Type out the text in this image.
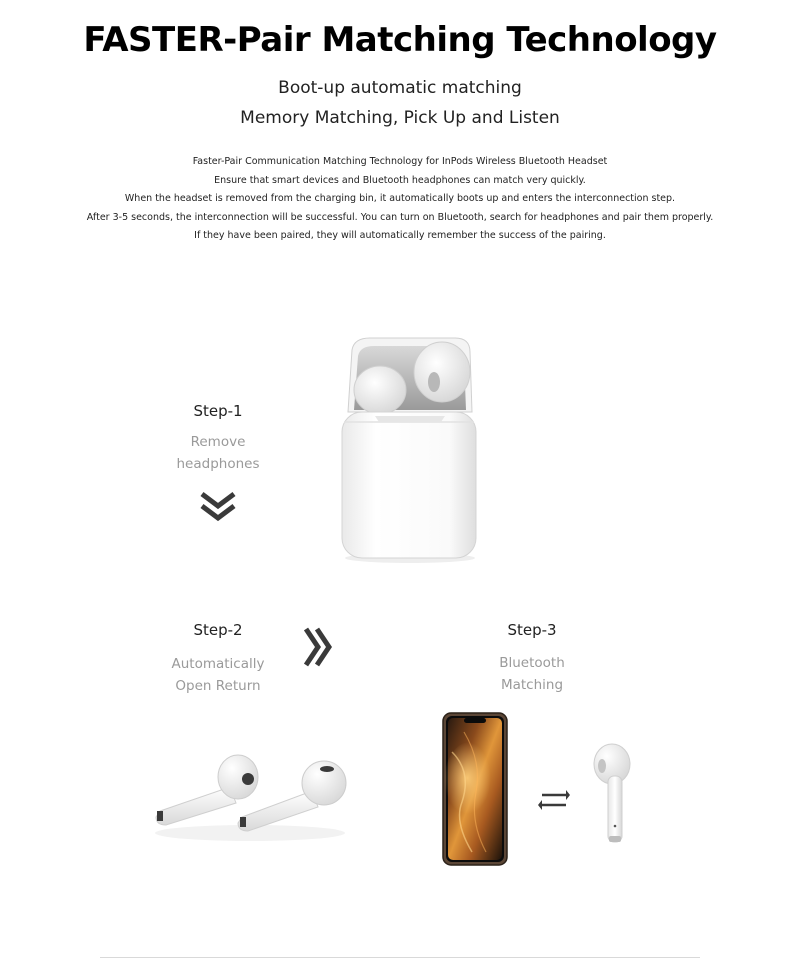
FASTER-Pair Matching Technology
Boot-up automatic matching
Memory Matching, Pick Up and Listen
Faster-Pair Communication Matching Technology for InPods Wireless Bluetooth Headset
Ensure that smart devices and Bluetooth headphones can match very quickly.
When the headset is removed from the charging bin, it automatically boots up and enters the interconnection step.
After 3-5 seconds, the interconnection will be successful. You can turn on Bluetooth, search for headphones and pair them properly.
If they have been paired, they will automatically remember the success of the pairing.
Step-1
Remove
headphones
Step-2
Automatically
Open Return
Step-3
Bluetooth
Matching
